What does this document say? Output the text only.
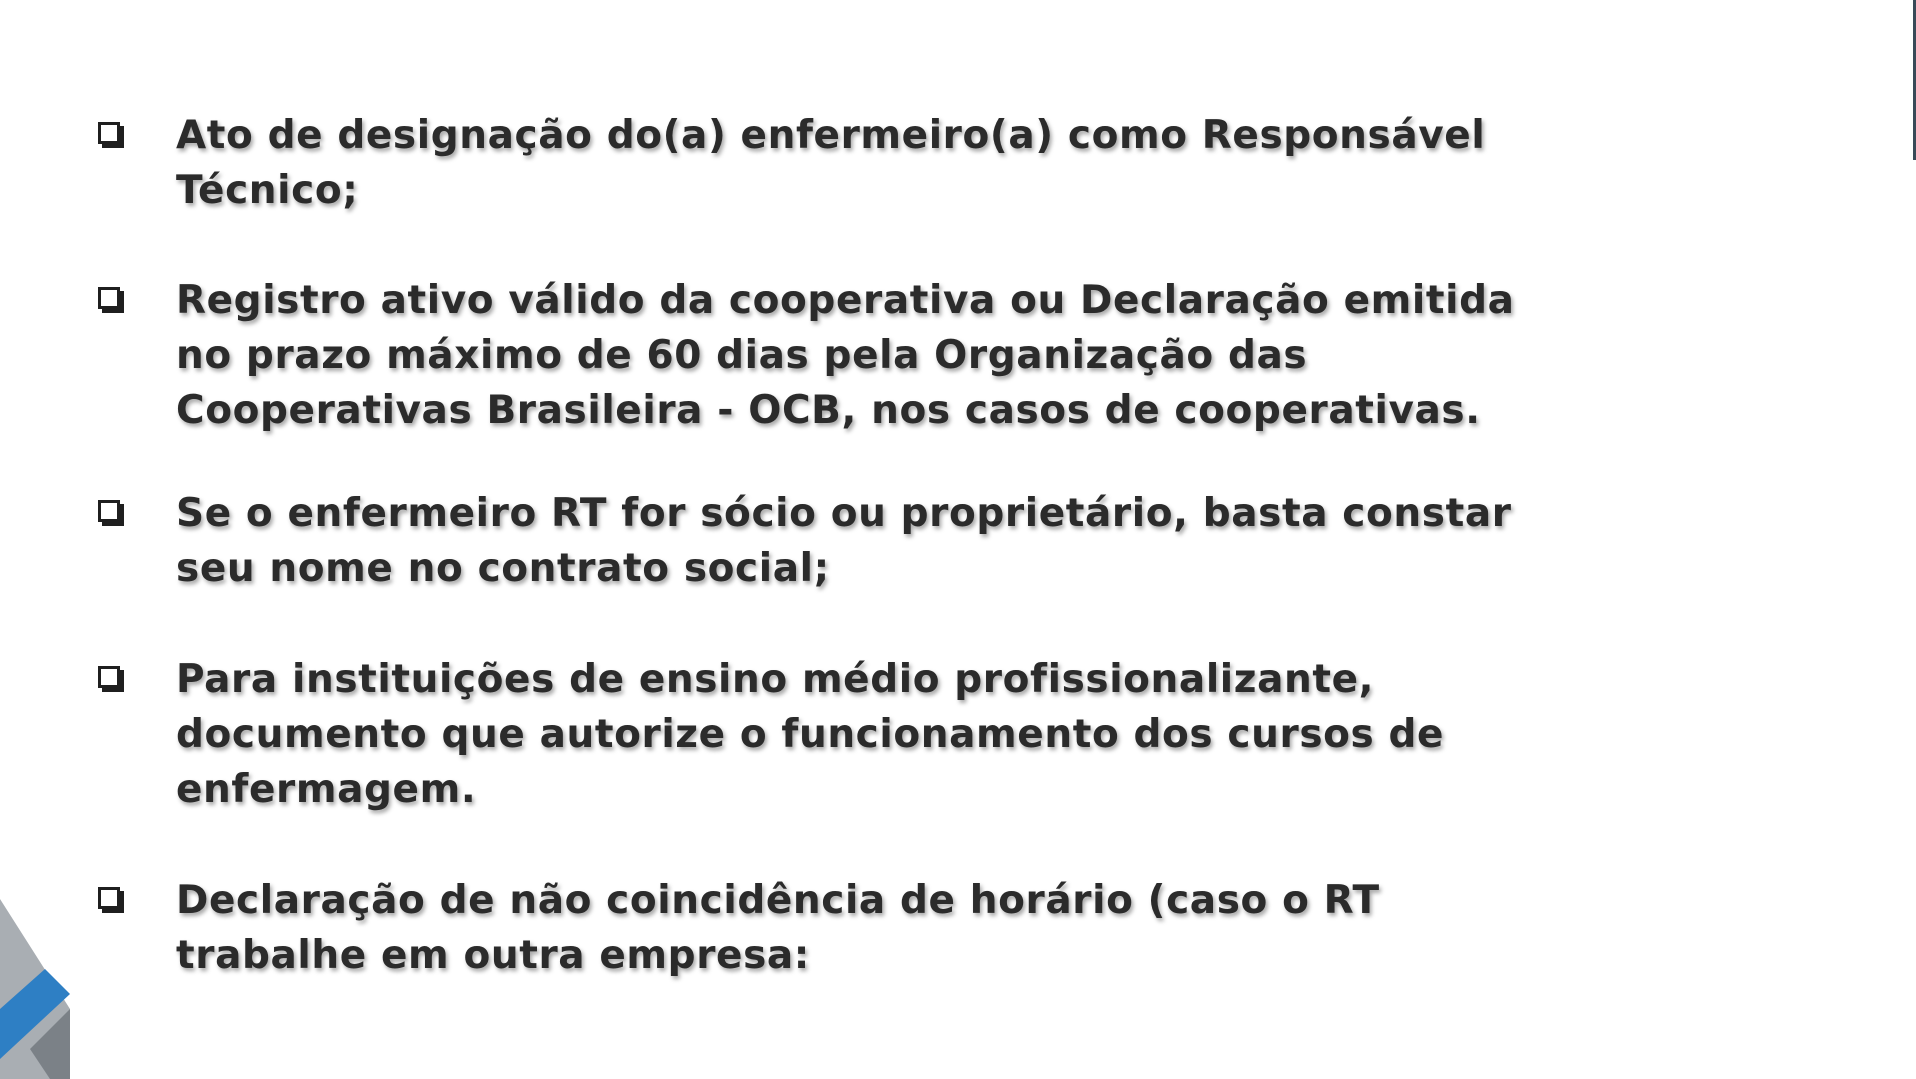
Ato de designação do(a) enfermeiro(a) como Responsável Técnico;
Registro ativo válido da cooperativa ou Declaração emitida no prazo máximo de 60 dias pela Organização das Cooperativas Brasileira - OCB, nos casos de cooperativas.
Se o enfermeiro RT for sócio ou proprietário, basta constar seu nome no contrato social;
Para instituições de ensino médio profissionalizante, documento que autorize o funcionamento dos cursos de enfermagem.
Declaração de não coincidência de horário (caso o RT trabalhe em outra empresa:
